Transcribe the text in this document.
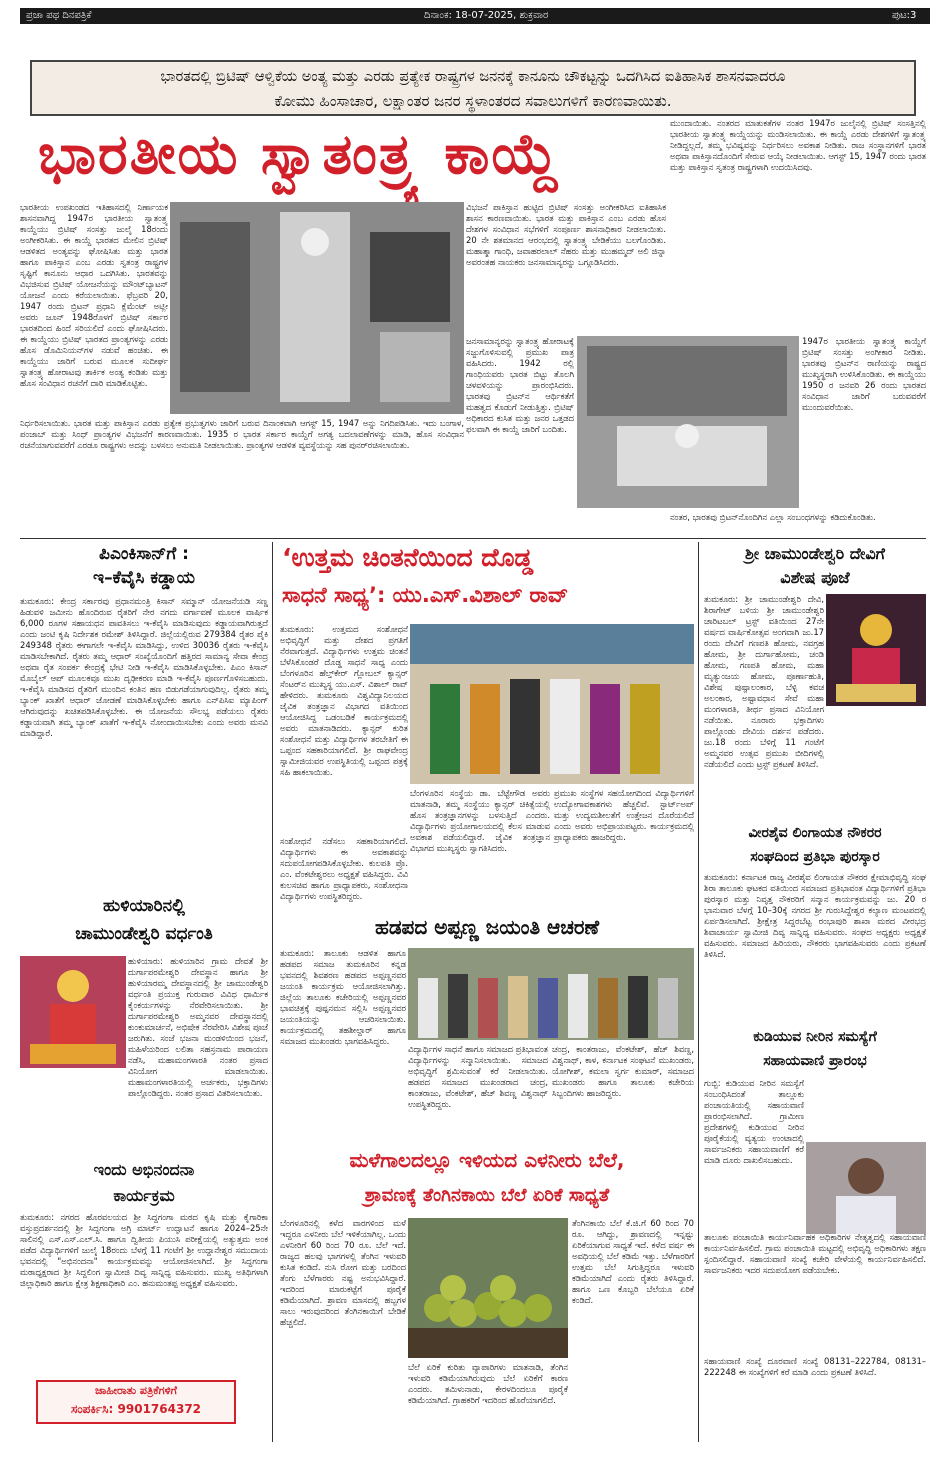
ಪ್ರಜಾ ಪಥ ದಿನಪತ್ರಿಕೆ	ದಿನಾಂಕ: 18-07-2025, ಶುಕ್ರವಾರ	ಪುಟ:3
ಭಾರತದಲ್ಲಿ ಬ್ರಿಟಿಷ್ ಆಳ್ವಿಕೆಯ ಅಂತ್ಯ ಮತ್ತು ಎರಡು ಪ್ರತ್ಯೇಕ ರಾಷ್ಟ್ರಗಳ ಜನನಕ್ಕೆ ಕಾನೂನು ಚೌಕಟ್ಟನ್ನು ಒದಗಿಸಿದ ಐತಿಹಾಸಿಕ ಶಾಸನವಾದರೂ
ಕೋಮು ಹಿಂಸಾಚಾರ, ಲಕ್ಷಾಂತರ ಜನರ ಸ್ಥಳಾಂತರದ ಸವಾಲುಗಳಿಗೆ ಕಾರಣವಾಯಿತು.
ಭಾರತೀಯ ಸ್ವಾತಂತ್ರ್ಯ ಕಾಯ್ದೆ
ಭಾರತೀಯ ಉಪಖಂಡದ ಇತಿಹಾಸದಲ್ಲಿ ನಿರ್ಣಾಯಕ ಶಾಸನವಾಗಿದ್ದ 1947ರ ಭಾರತೀಯ ಸ್ವಾತಂತ್ರ್ಯ ಕಾಯ್ದೆಯು ಬ್ರಿಟಿಷ್ ಸಂಸತ್ತು ಜುಲೈ 18ರಂದು ಅಂಗೀಕರಿಸಿತು. ಈ ಕಾಯ್ದೆ ಭಾರತದ ಮೇಲಿನ ಬ್ರಿಟಿಷ್ ಆಡಳಿತದ ಅಂತ್ಯವನ್ನು ಘೋಷಿಸಿತು ಮತ್ತು ಭಾರತ ಹಾಗೂ ಪಾಕಿಸ್ತಾನ ಎಂಬ ಎರಡು ಸ್ವತಂತ್ರ ರಾಷ್ಟ್ರಗಳ ಸೃಷ್ಟಿಗೆ ಕಾನೂನು ಆಧಾರ ಒದಗಿಸಿತು. ಭಾರತವನ್ನು ವಿಭಜಿಸುವ ಬ್ರಿಟಿಷ್ ಯೋಜನೆಯನ್ನು ಮೌಂಟ್‌ಬ್ಯಾಟನ್ ಯೋಜನೆ ಎಂದು ಕರೆಯಲಾಯಿತು. ಫೆಬ್ರವರಿ 20, 1947 ರಂದು ಬ್ರಿಟನ್ ಪ್ರಧಾನಿ ಕ್ಲೆಮೆಂಟ್ ಅಟ್ಲೀ ಅವರು ಜೂನ್ 1948ರೊಳಗೆ ಬ್ರಿಟಿಷ್ ಸರ್ಕಾರ ಭಾರತದಿಂದ ಹಿಂದೆ ಸರಿಯಲಿದೆ ಎಂದು ಘೋಷಿಸಿದರು. ಈ ಕಾಯ್ದೆಯು ಬ್ರಿಟಿಷ್ ಭಾರತದ ಪ್ರಾಂತ್ಯಗಳನ್ನು ಎರಡು ಹೊಸ ಡೊಮಿನಿಯನ್‌ಗಳ ನಡುವೆ ಹಂಚಿತು. ಈ ಕಾಯ್ದೆಯು ಜಾರಿಗೆ ಬರುವ ಮೂಲಕ ಸುದೀರ್ಘ ಸ್ವಾತಂತ್ರ್ಯ ಹೋರಾಟವು ತಾರ್ಕಿಕ ಅಂತ್ಯ ಕಂಡಿತು ಮತ್ತು ಹೊಸ ಸಂವಿಧಾನ ರಚನೆಗೆ ದಾರಿ ಮಾಡಿಕೊಟ್ಟಿತು.
ನಿರ್ಧರಿಸಲಾಯಿತು. ಭಾರತ ಮತ್ತು ಪಾಕಿಸ್ತಾನ ಎರಡು ಪ್ರತ್ಯೇಕ ಪ್ರಭುತ್ವಗಳು ಜಾರಿಗೆ ಬರುವ ದಿನಾಂಕವಾಗಿ ಆಗಸ್ಟ್ 15, 1947 ಅನ್ನು ನಿಗದಿಪಡಿಸಿತು. ಇದು ಬಂಗಾಳ, ಪಂಜಾಬ್ ಮತ್ತು ಸಿಂಧ್ ಪ್ರಾಂತ್ಯಗಳ ವಿಭಜನೆಗೆ ಕಾರಣವಾಯಿತು. 1935 ರ ಭಾರತ ಸರ್ಕಾರ ಕಾಯ್ದೆಗೆ ಅಗತ್ಯ ಬದಲಾವಣೆಗಳನ್ನು ಮಾಡಿ, ಹೊಸ ಸಂವಿಧಾನ ರಚನೆಯಾಗುವವರೆಗೆ ಎರಡೂ ರಾಷ್ಟ್ರಗಳು ಅದನ್ನು ಬಳಸಲು ಅನುಮತಿ ನೀಡಲಾಯಿತು. ಪ್ರಾಂತ್ಯಗಳ ಆಡಳಿತ ವ್ಯವಸ್ಥೆಯನ್ನು ಸಹ ಪುನರ್‌ರಚಿಸಲಾಯಿತು.
ವಿಭಜನೆ ಪಾಕಿಸ್ತಾನ ಹುಟ್ಟಿದ ಬ್ರಿಟಿಷ್ ಸಂಸತ್ತು ಅಂಗೀಕರಿಸಿದ ಐತಿಹಾಸಿಕ ಶಾಸನ ಕಾರಣವಾಯಿತು. ಭಾರತ ಮತ್ತು ಪಾಕಿಸ್ತಾನ ಎಂಬ ಎರಡು ಹೊಸ ದೇಶಗಳ ಸಂವಿಧಾನ ಸಭೆಗಳಿಗೆ ಸಂಪೂರ್ಣ ಶಾಸನಾಧಿಕಾರ ನೀಡಲಾಯಿತು. 20 ನೇ ಶತಮಾನದ ಆರಂಭದಲ್ಲಿ ಸ್ವಾತಂತ್ರ್ಯ ಬೇಡಿಕೆಯು ಬಲಗೊಂಡಿತು. ಮಹಾತ್ಮಾ ಗಾಂಧಿ, ಜವಾಹರಲಾಲ್ ನೆಹರು ಮತ್ತು ಮುಹಮ್ಮದ್ ಅಲಿ ಜಿನ್ನಾ ಅವರಂತಹ ನಾಯಕರು ಜನಸಾಮಾನ್ಯರನ್ನು ಒಗ್ಗೂಡಿಸಿದರು.
ಜನಸಾಮಾನ್ಯರನ್ನು ಸ್ವಾತಂತ್ರ್ಯ ಹೋರಾಟಕ್ಕೆ ಸಜ್ಜುಗೊಳಿಸುವಲ್ಲಿ ಪ್ರಮುಖ ಪಾತ್ರ ವಹಿಸಿದರು. 1942 ರಲ್ಲಿ ಗಾಂಧಿಯವರು ಭಾರತ ಬಿಟ್ಟು ತೊಲಗಿ ಚಳವಳಿಯನ್ನು ಪ್ರಾರಂಭಿಸಿದರು. ಭಾರತವು ಬ್ರಿಟನ್‌ನ ಆರ್ಥಿಕತೆಗೆ ಮಹತ್ವದ ಕೊಡುಗೆ ನೀಡುತ್ತಿತ್ತು. ಬ್ರಿಟಿಷ್ ಅಧಿಕಾರದ ಕುಸಿತ ಮತ್ತು ಜನರ ಒತ್ತಡದ ಫಲವಾಗಿ ಈ ಕಾಯ್ದೆ ಜಾರಿಗೆ ಬಂದಿತು.
ಮುಂದಾಯಿತು. ನಂತರದ ಮಾತುಕತೆಗಳ ನಂತರ 1947ರ ಜುಲೈನಲ್ಲಿ ಬ್ರಿಟಿಷ್ ಸಂಸತ್ತಿನಲ್ಲಿ ಭಾರತೀಯ ಸ್ವಾತಂತ್ರ್ಯ ಕಾಯ್ದೆಯನ್ನು ಮಂಡಿಸಲಾಯಿತು. ಈ ಕಾಯ್ದೆ ಎರಡು ದೇಶಗಳಿಗೆ ಸ್ವಾತಂತ್ರ್ಯ ನೀಡಿದ್ದಲ್ಲದೆ, ತಮ್ಮ ಭವಿಷ್ಯವನ್ನು ನಿರ್ಧರಿಸಲು ಅವಕಾಶ ನೀಡಿತು. ರಾಜ ಸಂಸ್ಥಾನಗಳಿಗೆ ಭಾರತ ಅಥವಾ ಪಾಕಿಸ್ತಾನದೊಂದಿಗೆ ಸೇರುವ ಆಯ್ಕೆ ನೀಡಲಾಯಿತು. ಆಗಸ್ಟ್ 15, 1947 ರಂದು ಭಾರತ ಮತ್ತು ಪಾಕಿಸ್ತಾನ ಸ್ವತಂತ್ರ ರಾಷ್ಟ್ರಗಳಾಗಿ ಉದಯಿಸಿದವು.
1947ರ ಭಾರತೀಯ ಸ್ವಾತಂತ್ರ್ಯ ಕಾಯ್ದೆಗೆ ಬ್ರಿಟಿಷ್ ಸಂಸತ್ತು ಅಂಗೀಕಾರ ನೀಡಿತು. ಭಾರತವು ಬ್ರಿಟನ್‌ನ ರಾಣಿಯನ್ನು ರಾಷ್ಟ್ರದ ಮುಖ್ಯಸ್ಥರಾಗಿ ಉಳಿಸಿಕೊಂಡಿತು. ಈ ಕಾಯ್ದೆಯು 1950 ರ ಜನವರಿ 26 ರಂದು ಭಾರತದ ಸಂವಿಧಾನ ಜಾರಿಗೆ ಬರುವವರೆಗೆ ಮುಂದುವರೆಯಿತು.
ನಂತರ, ಭಾರತವು ಬ್ರಿಟನ್‌ನೊಂದಿಗಿನ ಎಲ್ಲಾ ಸಂಬಂಧಗಳನ್ನು ಕಡಿದುಕೊಂಡಿತು.
ಪಿಎಂಕಿಸಾನ್‌ಗೆ :
ಇ–ಕೆವೈಸಿ ಕಡ್ಡಾಯ
ತುಮಕೂರು: ಕೇಂದ್ರ ಸರ್ಕಾರವು ಪ್ರಧಾನಮಂತ್ರಿ ಕಿಸಾನ್ ಸಮ್ಮಾನ್ ಯೋಜನೆಯಡಿ ಸಣ್ಣ ಹಿಡುವಳಿ ಜಮೀನು ಹೊಂದಿರುವ ರೈತರಿಗೆ ನೇರ ನಗದು ವರ್ಗಾವಣೆ ಮೂಲಕ ವಾರ್ಷಿಕ 6,000 ರೂಗಳ ಸಹಾಯಧನ ಪಾವತಿಸಲು ಇ-ಕೆವೈಸಿ ಮಾಡಿಸುವುದು ಕಡ್ಡಾಯವಾಗಿರುತ್ತದೆ ಎಂದು ಜಂಟಿ ಕೃಷಿ ನಿರ್ದೇಶಕ ರಮೇಶ್ ತಿಳಿಸಿದ್ದಾರೆ. ಜಿಲ್ಲೆಯಲ್ಲಿರುವ 279384 ರೈತರ ಪೈಕಿ 249348 ರೈತರು ಈಗಾಗಲೇ ಇ-ಕೆವೈಸಿ ಮಾಡಿಸಿದ್ದು, ಉಳಿದ 30036 ರೈತರು ಇ-ಕೆವೈಸಿ ಮಾಡಿಸಬೇಕಾಗಿದೆ. ರೈತರು ತಮ್ಮ ಆಧಾರ್ ಸಂಖ್ಯೆಯೊಂದಿಗೆ ಹತ್ತಿರದ ಸಾಮಾನ್ಯ ಸೇವಾ ಕೇಂದ್ರ ಅಥವಾ ರೈತ ಸಂಪರ್ಕ ಕೇಂದ್ರಕ್ಕೆ ಭೇಟಿ ನೀಡಿ ಇ-ಕೆವೈಸಿ ಮಾಡಿಸಿಕೊಳ್ಳಬೇಕು. ಪಿಎಂ ಕಿಸಾನ್ ಮೊಬೈಲ್ ಆಪ್ ಮೂಲಕವೂ ಮುಖ ದೃಢೀಕರಣ ಮಾಡಿ ಇ-ಕೆವೈಸಿ ಪೂರ್ಣಗೊಳಿಸಬಹುದು. ಇ-ಕೆವೈಸಿ ಮಾಡಿಸದ ರೈತರಿಗೆ ಮುಂದಿನ ಕಂತಿನ ಹಣ ಬಿಡುಗಡೆಯಾಗುವುದಿಲ್ಲ. ರೈತರು ತಮ್ಮ ಬ್ಯಾಂಕ್ ಖಾತೆಗೆ ಆಧಾರ್ ಜೋಡಣೆ ಮಾಡಿಸಿಕೊಳ್ಳಬೇಕು ಹಾಗೂ ಎನ್‌ಪಿಸಿಐ ಮ್ಯಾಪಿಂಗ್ ಆಗಿರುವುದನ್ನು ಖಚಿತಪಡಿಸಿಕೊಳ್ಳಬೇಕು. ಈ ಯೋಜನೆಯ ಸೌಲಭ್ಯ ಪಡೆಯಲು ರೈತರು ಕಡ್ಡಾಯವಾಗಿ ತಮ್ಮ ಬ್ಯಾಂಕ್ ಖಾತೆಗೆ ಇ-ಕೆವೈಸಿ ನೋಂದಾಯಿಸಬೇಕು ಎಂದು ಅವರು ಮನವಿ ಮಾಡಿದ್ದಾರೆ.
ಹುಳಿಯಾರಿನಲ್ಲಿ
ಚಾಮುಂಡೇಶ್ವರಿ ವರ್ಧಂತಿ
ಹುಳಿಯಾರು: ಹುಳಿಯಾರಿನ ಗ್ರಾಮ ದೇವತೆ ಶ್ರೀ ದುರ್ಗಾಪರಮೇಶ್ವರಿ ದೇವಸ್ಥಾನ ಹಾಗೂ ಶ್ರೀ ಹುಳಿಯಾರಮ್ಮ ದೇವಸ್ಥಾನದಲ್ಲಿ ಶ್ರೀ ಚಾಮುಂಡೇಶ್ವರಿ ವರ್ಧಂತಿ ಪ್ರಯುಕ್ತ ಗುರುವಾರ ವಿವಿಧ ಧಾರ್ಮಿಕ ಕೈಂಕರ್ಯಗಳನ್ನು ನೆರವೇರಿಸಲಾಯಿತು. ಶ್ರೀ ದುರ್ಗಾಪರಮೇಶ್ವರಿ ಅಮ್ಮನವರ ದೇವಸ್ಥಾನದಲ್ಲಿ ಕುಂಕುಮಾರ್ಚನೆ, ಅಭಿಷೇಕ ನೆರವೇರಿಸಿ ವಿಶೇಷ ಪೂಜೆ ಜರುಗಿತು. ಸಂಜೆ ಭಜನಾ ಮಂಡಳಿಯಿಂದ ಭಜನೆ, ಮಹಿಳೆಯರಿಂದ ಲಲಿತಾ ಸಹಸ್ರನಾಮ ಪಾರಾಯಣ ನಡೆಸಿ, ಮಹಾಮಂಗಳಾರತಿ ನಂತರ ಪ್ರಸಾದ ವಿನಿಯೋಗ ಮಾಡಲಾಯಿತು. ಮಹಾಮಂಗಳಾರತಿಯಲ್ಲಿ ಅರ್ಚಕರು, ಭಕ್ತಾದಿಗಳು ಪಾಲ್ಗೊಂಡಿದ್ದರು. ನಂತರ ಪ್ರಸಾದ ವಿತರಿಸಲಾಯಿತು.
ಇಂದು ಅಭಿನಂದನಾ
ಕಾರ್ಯಕ್ರಮ
ತುಮಕೂರು: ನಗರದ ಹೊರವಲಯದ ಶ್ರೀ ಸಿದ್ದಗಂಗಾ ಮಠದ ಕೃಷಿ ಮತ್ತು ಕೈಗಾರಿಕಾ ವಸ್ತುಪ್ರದರ್ಶನದಲ್ಲಿ ಶ್ರೀ ಸಿದ್ದಗಂಗಾ ಅಗ್ರಿ ಮಾರ್ಟ್ ಉದ್ಘಾಟನೆ ಹಾಗೂ 2024–25ನೇ ಸಾಲಿನಲ್ಲಿ ಎಸ್.ಎಸ್.ಎಲ್.ಸಿ. ಹಾಗೂ ದ್ವಿತೀಯ ಪಿಯುಸಿ ಪರೀಕ್ಷೆಯಲ್ಲಿ ಅತ್ಯುತ್ತಮ ಅಂಕ ಪಡೆದ ವಿದ್ಯಾರ್ಥಿಗಳಿಗೆ ಜುಲೈ 18ರಂದು ಬೆಳಗ್ಗೆ 11 ಗಂಟೆಗೆ ಶ್ರೀ ಉದ್ದಾನೇಶ್ವರ ಸಮುದಾಯ ಭವನದಲ್ಲಿ "ಅಭಿನಂದನಾ" ಕಾರ್ಯಕ್ರಮವನ್ನು ಆಯೋಜಿಸಲಾಗಿದೆ. ಶ್ರೀ ಸಿದ್ದಗಂಗಾ ಮಠಾಧ್ಯಕ್ಷರಾದ ಶ್ರೀ ಸಿದ್ದಲಿಂಗ ಸ್ವಾಮೀಜಿ ದಿವ್ಯ ಸಾನ್ನಿಧ್ಯ ವಹಿಸುವರು. ಮುಖ್ಯ ಅತಿಥಿಗಳಾಗಿ ಜಿಲ್ಲಾಧಿಕಾರಿ ಹಾಗೂ ಕ್ಷೇತ್ರ ಶಿಕ್ಷಣಾಧಿಕಾರಿ ಎಂ. ಹನುಮಂತಪ್ಪ ಅಧ್ಯಕ್ಷತೆ ವಹಿಸುವರು.
ಜಾಹೀರಾತು ಪತ್ರಿಕೆಗಳಿಗೆ
ಸಂಪರ್ಕಿಸಿ: 9901764372
‘ಉತ್ತಮ ಚಿಂತನೆಯಿಂದ ದೊಡ್ಡ
ಸಾಧನೆ ಸಾಧ್ಯ’: ಯು.ಎಸ್.ವಿಶಾಲ್ ರಾವ್
ತುಮಕೂರು: ಉತ್ತಮದ ಸಂಶೋಧನೆ ಅಭಿವೃದ್ಧಿಗೆ ಮತ್ತು ದೇಶದ ಪ್ರಗತಿಗೆ ನೆರವಾಗುತ್ತದೆ. ವಿದ್ಯಾರ್ಥಿಗಳು ಉತ್ತಮ ಚಿಂತನೆ ಬೆಳೆಸಿಕೊಂಡರೆ ದೊಡ್ಡ ಸಾಧನೆ ಸಾಧ್ಯ ಎಂದು ಬೆಂಗಳೂರಿನ ಹೆಲ್ತ್‌ಕೇರ್ ಗ್ಲೋಬಲ್ ಕ್ಯಾನ್ಸರ್ ಸೆಂಟರ್‌ನ ಮುಖ್ಯಸ್ಥ ಯು.ಎಸ್. ವಿಶಾಲ್ ರಾವ್ ಹೇಳಿದರು. ತುಮಕೂರು ವಿಶ್ವವಿದ್ಯಾನಿಲಯದ ಜೈವಿಕ ತಂತ್ರಜ್ಞಾನ ವಿಭಾಗದ ವತಿಯಿಂದ ಆಯೋಜಿಸಿದ್ದ ಒಡಂಬಡಿಕೆ ಕಾರ್ಯಕ್ರಮದಲ್ಲಿ ಅವರು ಮಾತನಾಡಿದರು. ಕ್ಯಾನ್ಸರ್ ಕುರಿತ ಸಂಶೋಧನೆ ಮತ್ತು ವಿದ್ಯಾರ್ಥಿಗಳ ತರಬೇತಿಗೆ ಈ ಒಪ್ಪಂದ ಸಹಕಾರಿಯಾಗಲಿದೆ. ಶ್ರೀ ರಾಘವೇಂದ್ರ ಸ್ವಾಮೀಜಿಯವರ ಉಪಸ್ಥಿತಿಯಲ್ಲಿ ಒಪ್ಪಂದ ಪತ್ರಕ್ಕೆ ಸಹಿ ಹಾಕಲಾಯಿತು.
ಬೆಂಗಳೂರಿನ ಸಂಸ್ಥೆಯ ಡಾ. ಬೆಟ್ಟೇಗೌಡ ಅವರು ಮಾತನಾಡಿ, ತಮ್ಮ ಸಂಸ್ಥೆಯು ಕ್ಯಾನ್ಸರ್ ಚಿಕಿತ್ಸೆಯಲ್ಲಿ ಹೊಸ ತಂತ್ರಜ್ಞಾನಗಳನ್ನು ಬಳಸುತ್ತಿದೆ ಎಂದರು. ವಿದ್ಯಾರ್ಥಿಗಳು ಪ್ರಯೋಗಾಲಯದಲ್ಲಿ ಕೆಲಸ ಮಾಡುವ ಅವಕಾಶ ಪಡೆಯಲಿದ್ದಾರೆ. ಜೈವಿಕ ತಂತ್ರಜ್ಞಾನ ವಿಭಾಗದ ಮುಖ್ಯಸ್ಥರು ಸ್ವಾಗತಿಸಿದರು.
ಪ್ರಮುಖ ಸಂಸ್ಥೆಗಳ ಸಹಯೋಗದಿಂದ ವಿದ್ಯಾರ್ಥಿಗಳಿಗೆ ಉದ್ಯೋಗಾವಕಾಶಗಳು ಹೆಚ್ಚಲಿವೆ. ಸ್ಟಾರ್ಟ್‌ಅಪ್ ಮತ್ತು ಉದ್ಯಮಶೀಲತೆಗೆ ಉತ್ತೇಜನ ದೊರೆಯಲಿದೆ ಎಂದು ಅವರು ಅಭಿಪ್ರಾಯಪಟ್ಟರು. ಕಾರ್ಯಕ್ರಮದಲ್ಲಿ ಪ್ರಾಧ್ಯಾಪಕರು ಹಾಜರಿದ್ದರು.
ಸಂಶೋಧನೆ ನಡೆಸಲು ಸಹಕಾರಿಯಾಗಲಿದೆ. ವಿದ್ಯಾರ್ಥಿಗಳು ಈ ಅವಕಾಶವನ್ನು ಸದುಪಯೋಗಪಡಿಸಿಕೊಳ್ಳಬೇಕು. ಕುಲಪತಿ ಪ್ರೊ. ಎಂ. ವೆಂಕಟೇಶ್ವರಲು ಅಧ್ಯಕ್ಷತೆ ವಹಿಸಿದ್ದರು. ವಿವಿ ಕುಲಸಚಿವ ಹಾಗೂ ಪ್ರಾಧ್ಯಾಪಕರು, ಸಂಶೋಧನಾ ವಿದ್ಯಾರ್ಥಿಗಳು ಉಪಸ್ಥಿತರಿದ್ದರು.
ಹಡಪದ ಅಪ್ಪಣ್ಣ ಜಯಂತಿ ಆಚರಣೆ
ತುಮಕೂರು: ತಾಲೂಕು ಆಡಳಿತ ಹಾಗೂ ಹಡಪದ ಸಮಾಜ ತುಮಕೂರಿನ ಕನ್ನಡ ಭವನದಲ್ಲಿ ಶಿವಶರಣ ಹಡಪದ ಅಪ್ಪಣ್ಣನವರ ಜಯಂತಿ ಕಾರ್ಯಕ್ರಮ ಆಯೋಜಿಸಲಾಗಿತ್ತು. ಜಿಲ್ಲೆಯ ತಾಲೂಕು ಕಚೇರಿಯಲ್ಲಿ ಅಪ್ಪಣ್ಣನವರ ಭಾವಚಿತ್ರಕ್ಕೆ ಪುಷ್ಪನಮನ ಸಲ್ಲಿಸಿ ಅಪ್ಪಣ್ಣನವರ ಜಯಂತಿಯನ್ನು ಆಚರಿಸಲಾಯಿತು. ಕಾರ್ಯಕ್ರಮದಲ್ಲಿ ತಹಶೀಲ್ದಾರ್ ಹಾಗೂ ಸಮಾಜದ ಮುಖಂಡರು ಭಾಗವಹಿಸಿದ್ದರು.
ವಿದ್ಯಾರ್ಥಿಗಳ ಸಾಧನೆ ಹಾಗೂ ಸಮಾಜದ ಪ್ರತಿಭಾವಂತ ವಿದ್ಯಾರ್ಥಿಗಳನ್ನು ಸನ್ಮಾನಿಸಲಾಯಿತು. ಸಮಾಜದ ಅಭಿವೃದ್ಧಿಗೆ ಶ್ರಮಿಸುವಂತೆ ಕರೆ ನೀಡಲಾಯಿತು. ಹಡಪದ ಸಮಾಜದ ಮುಖಂಡರಾದ ಚಂದ್ರ, ಕಾಂತರಾಜು, ವೆಂಕಟೇಶ್, ಹೆಚ್ ಶಿವಣ್ಣ ವಿಶ್ವನಾಥ್ ಉಪಸ್ಥಿತರಿದ್ದರು.
ಚಂದ್ರ, ಕಾಂತರಾಜು, ವೆಂಕಟೇಶ್, ಹೆಚ್ ಶಿವಣ್ಣ, ವಿಶ್ವನಾಥ್, ಕಾಳ, ಕರ್ನಾಟಕ ಸಂಘಟನೆ ಮುಖಂಡರು, ಯೋಗೀಶ್, ಕಮಲಾ ಸ್ವರ್ಗ ಕುಮಾರ್, ಸಮಾಜದ ಮುಖಂಡರು ಹಾಗೂ ತಾಲೂಕು ಕಚೇರಿಯ ಸಿಬ್ಬಂದಿಗಳು ಹಾಜರಿದ್ದರು.
ಮಳೆಗಾಲದಲ್ಲೂ ಇಳಿಯದ ಎಳನೀರು ಬೆಲೆ,
ಶ್ರಾವಣಕ್ಕೆ ತೆಂಗಿನಕಾಯಿ ಬೆಲೆ ಏರಿಕೆ ಸಾಧ್ಯತೆ
ಬೆಂಗಳೂರಿನಲ್ಲಿ ಕಳೆದ ವಾರಗಳಿಂದ ಮಳೆ ಇದ್ದರೂ ಎಳನೀರು ಬೆಲೆ ಇಳಿಕೆಯಾಗಿಲ್ಲ. ಒಂದು ಎಳನೀರಿಗೆ 60 ರಿಂದ 70 ರೂ. ಬೆಲೆ ಇದೆ. ರಾಜ್ಯದ ಹಲವು ಭಾಗಗಳಲ್ಲಿ ತೆಂಗಿನ ಇಳುವರಿ ಕುಸಿತ ಕಂಡಿದೆ. ನುಸಿ ರೋಗ ಮತ್ತು ಬರದಿಂದ ತೆಂಗು ಬೆಳೆಗಾರರು ನಷ್ಟ ಅನುಭವಿಸಿದ್ದಾರೆ. ಇದರಿಂದ ಮಾರುಕಟ್ಟೆಗೆ ಪೂರೈಕೆ ಕಡಿಮೆಯಾಗಿದೆ. ಶ್ರಾವಣ ಮಾಸದಲ್ಲಿ ಹಬ್ಬಗಳ ಸಾಲು ಇರುವುದರಿಂದ ತೆಂಗಿನಕಾಯಿಗೆ ಬೇಡಿಕೆ ಹೆಚ್ಚಲಿದೆ.
ಬೆಲೆ ಏರಿಕೆ ಕುರಿತು ವ್ಯಾಪಾರಿಗಳು ಮಾತನಾಡಿ, ತೆಂಗಿನ ಇಳುವರಿ ಕಡಿಮೆಯಾಗಿರುವುದು ಬೆಲೆ ಏರಿಕೆಗೆ ಕಾರಣ ಎಂದರು. ತಮಿಳುನಾಡು, ಕೇರಳದಿಂದಲೂ ಪೂರೈಕೆ ಕಡಿಮೆಯಾಗಿದೆ. ಗ್ರಾಹಕರಿಗೆ ಇದರಿಂದ ಹೊರೆಯಾಗಲಿದೆ.
ತೆಂಗಿನಕಾಯಿ ಬೆಲೆ ಕೆ.ಜಿ.ಗೆ 60 ರಿಂದ 70 ರೂ. ಆಗಿದ್ದು, ಶ್ರಾವಣದಲ್ಲಿ ಇನ್ನಷ್ಟು ಏರಿಕೆಯಾಗುವ ಸಾಧ್ಯತೆ ಇದೆ. ಕಳೆದ ವರ್ಷ ಈ ಅವಧಿಯಲ್ಲಿ ಬೆಲೆ ಕಡಿಮೆ ಇತ್ತು. ಬೆಳೆಗಾರರಿಗೆ ಉತ್ತಮ ಬೆಲೆ ಸಿಗುತ್ತಿದ್ದರೂ ಇಳುವರಿ ಕಡಿಮೆಯಾಗಿದೆ ಎಂದು ರೈತರು ತಿಳಿಸಿದ್ದಾರೆ. ಹಾಗೂ ಒಣ ಕೊಬ್ಬರಿ ಬೆಲೆಯೂ ಏರಿಕೆ ಕಂಡಿದೆ.
ಶ್ರೀ ಚಾಮುಂಡೇಶ್ವರಿ ದೇವಿಗೆ
ವಿಶೇಷ ಪೂಜೆ
ತುಮಕೂರು: ಶ್ರೀ ಚಾಮುಂಡೇಶ್ವರಿ ದೇವಿ, ಶಿರಾಗೇಟ್ ಬಳಿಯ ಶ್ರೀ ಚಾಮುಂಡೇಶ್ವರಿ ಚಾರಿಟಬಲ್ ಟ್ರಸ್ಟ್ ವತಿಯಿಂದ 27ನೇ ವರ್ಷದ ವಾರ್ಷಿಕೋತ್ಸವ ಅಂಗವಾಗಿ ಜು.17 ರಂದು ದೇವಿಗೆ ಗಣಪತಿ ಹೋಮ, ನವಗ್ರಹ ಹೋಮ, ಶ್ರೀ ದುರ್ಗಾಹೋಮ, ಚಂಡಿ ಹೋಮ, ಗಣಪತಿ ಹೋಮ, ಮಹಾ ಮೃತ್ಯುಂಜಯ ಹೋಮ, ಪೂರ್ಣಾಹುತಿ, ವಿಶೇಷ ಪುಷ್ಪಾಲಂಕಾರ, ಬೆಳ್ಳಿ ಕವಚ ಅಲಂಕಾರ, ಅಷ್ಟಾವಧಾನ ಸೇವೆ ಮಹಾ ಮಂಗಳಾರತಿ, ತೀರ್ಥ ಪ್ರಸಾದ ವಿನಿಯೋಗ ನಡೆಯಿತು. ನೂರಾರು ಭಕ್ತಾದಿಗಳು ಪಾಲ್ಗೊಂಡು ದೇವಿಯ ದರ್ಶನ ಪಡೆದರು. ಜು.18 ರಂದು ಬೆಳಿಗ್ಗೆ 11 ಗಂಟೆಗೆ ಅಮ್ಮನವರ ಉತ್ಸವ ಪ್ರಮುಖ ಬೀದಿಗಳಲ್ಲಿ ನಡೆಯಲಿದೆ ಎಂದು ಟ್ರಸ್ಟ್ ಪ್ರಕಟಣೆ ತಿಳಿಸಿದೆ.
ವೀರಶೈವ ಲಿಂಗಾಯತ ನೌಕರರ
ಸಂಘದಿಂದ ಪ್ರತಿಭಾ ಪುರಸ್ಕಾರ
ತುಮಕೂರು: ಕರ್ನಾಟಕ ರಾಜ್ಯ ವೀರಶೈವ ಲಿಂಗಾಯತ ನೌಕರರ ಕ್ಷೇಮಾಭಿವೃದ್ಧಿ ಸಂಘ ಶಿರಾ ತಾಲೂಕು ಘಟಕದ ವತಿಯಿಂದ ಸಮಾಜದ ಪ್ರತಿಭಾವಂತ ವಿದ್ಯಾರ್ಥಿಗಳಿಗೆ ಪ್ರತಿಭಾ ಪುರಸ್ಕಾರ ಮತ್ತು ನಿವೃತ್ತ ನೌಕರರಿಗೆ ಸನ್ಮಾನ ಕಾರ್ಯಕ್ರಮವನ್ನು ಜು. 20 ರ ಭಾನುವಾರ ಬೆಳಗ್ಗೆ 10–30ಕ್ಕೆ ನಗರದ ಶ್ರೀ ಗುರುಸಿದ್ದೇಶ್ವರ ಕಲ್ಯಾಣ ಮಂಟಪದಲ್ಲಿ ಏರ್ಪಡಿಸಲಾಗಿದೆ. ಶ್ರೀಕ್ಷೇತ್ರ ಸಿದ್ದರಬೆಟ್ಟ ರಂಭಾಪುರಿ ಶಾಖಾ ಮಠದ ವೀರಭದ್ರ ಶಿವಾಚಾರ್ಯ ಸ್ವಾಮೀಜಿ ದಿವ್ಯ ಸಾನ್ನಿಧ್ಯ ವಹಿಸುವರು. ಸಂಘದ ಅಧ್ಯಕ್ಷರು ಅಧ್ಯಕ್ಷತೆ ವಹಿಸುವರು. ಸಮಾಜದ ಹಿರಿಯರು, ನೌಕರರು ಭಾಗವಹಿಸುವರು ಎಂದು ಪ್ರಕಟಣೆ ತಿಳಿಸಿದೆ.
ಕುಡಿಯುವ ನೀರಿನ ಸಮಸ್ಯೆಗೆ
ಸಹಾಯವಾಣಿ ಪ್ರಾರಂಭ
ಗುಬ್ಬಿ: ಕುಡಿಯುವ ನೀರಿನ ಸಮಸ್ಯೆಗೆ ಸಂಬಂಧಿಸಿದಂತೆ ತಾಲ್ಲೂಕು ಪಂಚಾಯತಿಯಲ್ಲಿ ಸಹಾಯವಾಣಿ ಪ್ರಾರಂಭಿಸಲಾಗಿದೆ. ಗ್ರಾಮೀಣ ಪ್ರದೇಶಗಳಲ್ಲಿ ಕುಡಿಯುವ ನೀರಿನ ಪೂರೈಕೆಯಲ್ಲಿ ವ್ಯತ್ಯಯ ಉಂಟಾದಲ್ಲಿ ಸಾರ್ವಜನಿಕರು ಸಹಾಯವಾಣಿಗೆ ಕರೆ ಮಾಡಿ ದೂರು ದಾಖಲಿಸಬಹುದು.
ತಾಲೂಕು ಪಂಚಾಯಿತಿ ಕಾರ್ಯನಿರ್ವಾಹಕ ಅಧಿಕಾರಿಗಳ ನೇತೃತ್ವದಲ್ಲಿ ಸಹಾಯವಾಣಿ ಕಾರ್ಯನಿರ್ವಹಿಸಲಿದೆ. ಗ್ರಾಮ ಪಂಚಾಯಿತಿ ಮಟ್ಟದಲ್ಲಿ ಅಭಿವೃದ್ಧಿ ಅಧಿಕಾರಿಗಳು ತಕ್ಷಣ ಸ್ಪಂದಿಸಲಿದ್ದಾರೆ. ಸಹಾಯವಾಣಿ ಸಂಖ್ಯೆ ಕಚೇರಿ ವೇಳೆಯಲ್ಲಿ ಕಾರ್ಯನಿರ್ವಹಿಸಲಿದೆ. ಸಾರ್ವಜನಿಕರು ಇದರ ಸದುಪಯೋಗ ಪಡೆಯಬೇಕು.
ಸಹಾಯವಾಣಿ ಸಂಖ್ಯೆ ದೂರವಾಣಿ ಸಂಖ್ಯೆ 08131–222784, 08131–222248 ಈ ಸಂಖ್ಯೆಗಳಿಗೆ ಕರೆ ಮಾಡಿ ಎಂದು ಪ್ರಕಟಣೆ ತಿಳಿಸಿದೆ.
